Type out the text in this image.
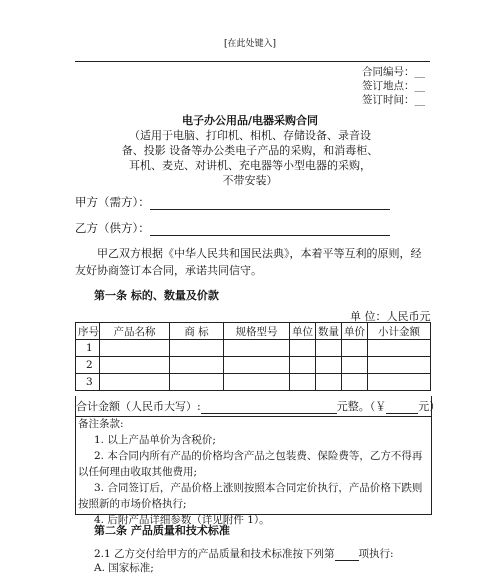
[在此处键入]
合同编号：__
签订地点：__
签订时间：__
电子办公用品/电器采购合同
（适用于电脑、打印机、相机、存储设备、录音设
备、投影 设备等办公类电子产品的采购，和消毒柜、
耳机、麦克、对讲机、充电器等小型电器的采购，
不带安装）
甲方（需方）：
乙方（供方）：
甲乙双方根据《中华人民共和国民法典》，本着平等互利的原则，经友好协商签订本合同，承诺共同信守。
第一条 标的、数量及价款
单 位：人民币元
序号	产品名称	商 标	规格型号	单位	数量	单价	小计金额
1							
2							
3							
合计金额（人民币大写）:	元整。（￥	元）

备注条款:

1. 以上产品单价为含税价;

2. 本合同内所有产品的价格均含产品之包装费、保险费等，乙方不得再以任何理由收取其他费用;

3. 合同签订后，产品价格上涨则按照本合同定价执行，产品价格下跌则按照新的市场价格执行;

4. 后附产品详细参数（详见附件 1）。

第二条 产品质量和技术标准
2.1 乙方交付给甲方的产品质量和技术标准按下列第 项执行:
A. 国家标准;
